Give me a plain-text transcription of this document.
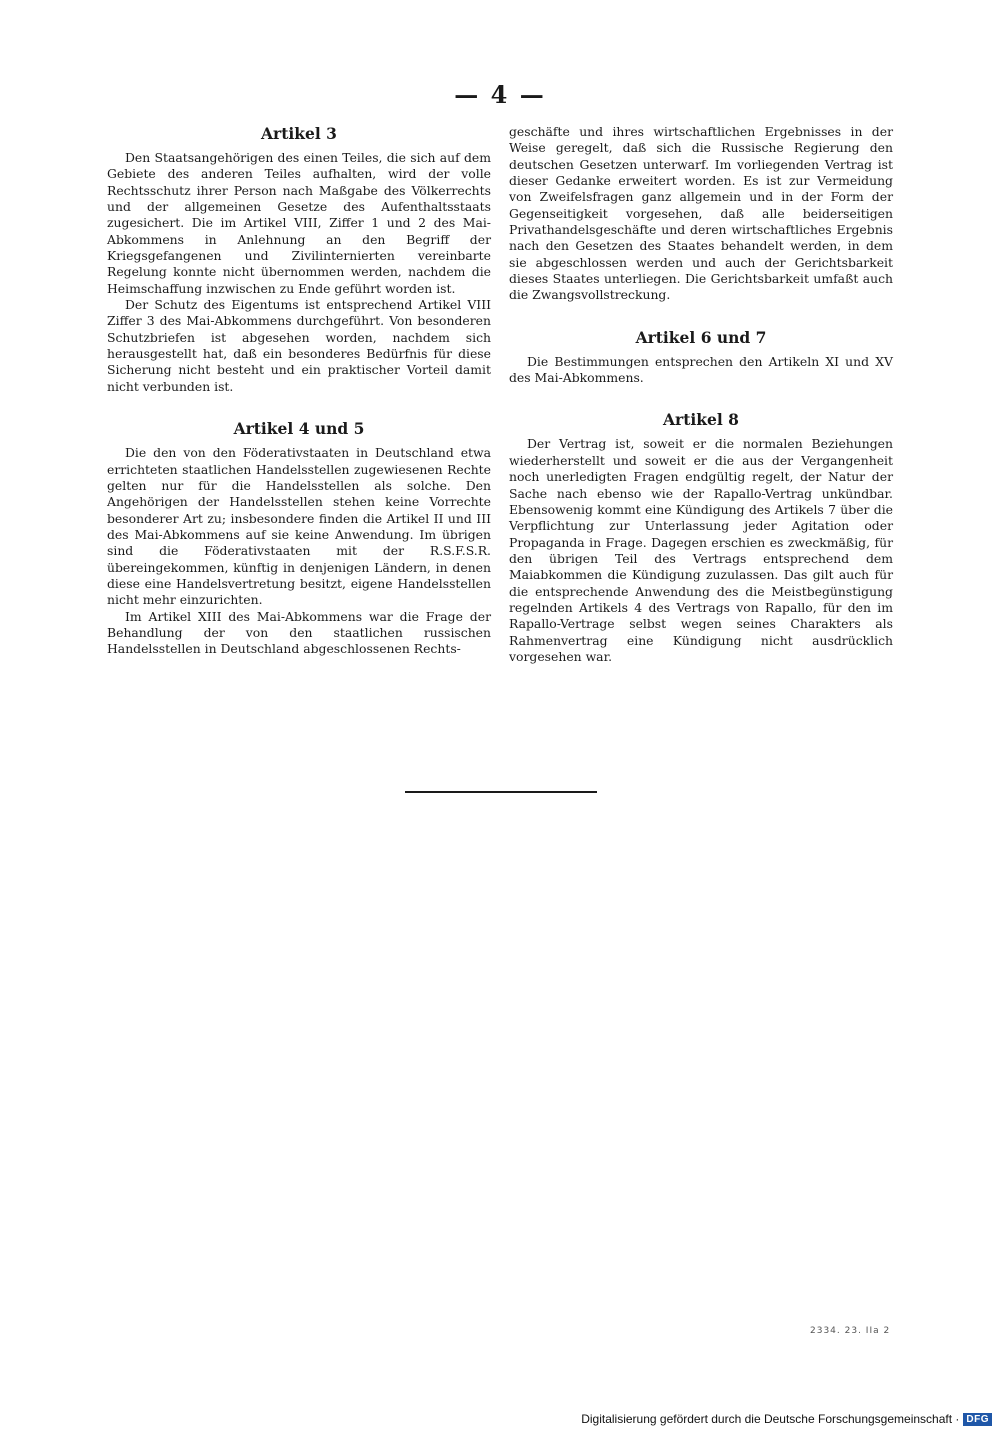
— 4 —
Artikel 3

Den Staatsangehörigen des einen Teiles, die sich auf dem Gebiete des anderen Teiles aufhalten, wird der volle Rechtsschutz ihrer Person nach Maßgabe des Völkerrechts und der allgemeinen Gesetze des Aufenthaltsstaats zugesichert. Die im Artikel VIII, Ziffer 1 und 2 des Mai-Abkommens in Anlehnung an den Begriff der Kriegsgefangenen und Zivilinternierten vereinbarte Regelung konnte nicht übernommen werden, nachdem die Heimschaffung inzwischen zu Ende geführt worden ist.

Der Schutz des Eigentums ist entsprechend Artikel VIII Ziffer 3 des Mai-Abkommens durchgeführt. Von besonderen Schutzbriefen ist abgesehen worden, nachdem sich herausgestellt hat, daß ein besonderes Bedürfnis für diese Sicherung nicht besteht und ein praktischer Vorteil damit nicht verbunden ist.

Artikel 4 und 5

Die den von den Föderativstaaten in Deutschland etwa errichteten staatlichen Handelsstellen zugewiesenen Rechte gelten nur für die Handelsstellen als solche. Den Angehörigen der Handelsstellen stehen keine Vorrechte besonderer Art zu; insbesondere finden die Artikel II und III des Mai-Abkommens auf sie keine Anwendung. Im übrigen sind die Föderativstaaten mit der R.S.F.S.R. übereingekommen, künftig in denjenigen Ländern, in denen diese eine Handelsvertretung besitzt, eigene Handelsstellen nicht mehr einzurichten.

Im Artikel XIII des Mai-Abkommens war die Frage der Behandlung der von den staatlichen russischen Handelsstellen in Deutschland abgeschlossenen Rechts-

geschäfte und ihres wirtschaftlichen Ergebnisses in der Weise geregelt, daß sich die Russische Regierung den deutschen Gesetzen unterwarf. Im vorliegenden Vertrag ist dieser Gedanke erweitert worden. Es ist zur Vermeidung von Zweifelsfragen ganz allgemein und in der Form der Gegenseitigkeit vorgesehen, daß alle beiderseitigen Privathandelsgeschäfte und deren wirtschaftliches Ergebnis nach den Gesetzen des Staates behandelt werden, in dem sie abgeschlossen werden und auch der Gerichtsbarkeit dieses Staates unterliegen. Die Gerichtsbarkeit umfaßt auch die Zwangsvollstreckung.

Artikel 6 und 7

Die Bestimmungen entsprechen den Artikeln XI und XV des Mai-Abkommens.

Artikel 8

Der Vertrag ist, soweit er die normalen Beziehungen wiederherstellt und soweit er die aus der Vergangenheit noch unerledigten Fragen endgültig regelt, der Natur der Sache nach ebenso wie der Rapallo-Vertrag unkündbar. Ebensowenig kommt eine Kündigung des Artikels 7 über die Verpflichtung zur Unterlassung jeder Agitation oder Propaganda in Frage. Dagegen erschien es zweckmäßig, für den übrigen Teil des Vertrags entsprechend dem Maiabkommen die Kündigung zuzulassen. Das gilt auch für die entsprechende Anwendung des die Meistbegünstigung regelnden Artikels 4 des Vertrags von Rapallo, für den im Rapallo-Vertrage selbst wegen seines Charakters als Rahmenvertrag eine Kündigung nicht ausdrücklich vorgesehen war.

2334. 23. IIa 2
Digitalisierung gefördert durch die Deutsche Forschungsgemeinschaft · DFG
